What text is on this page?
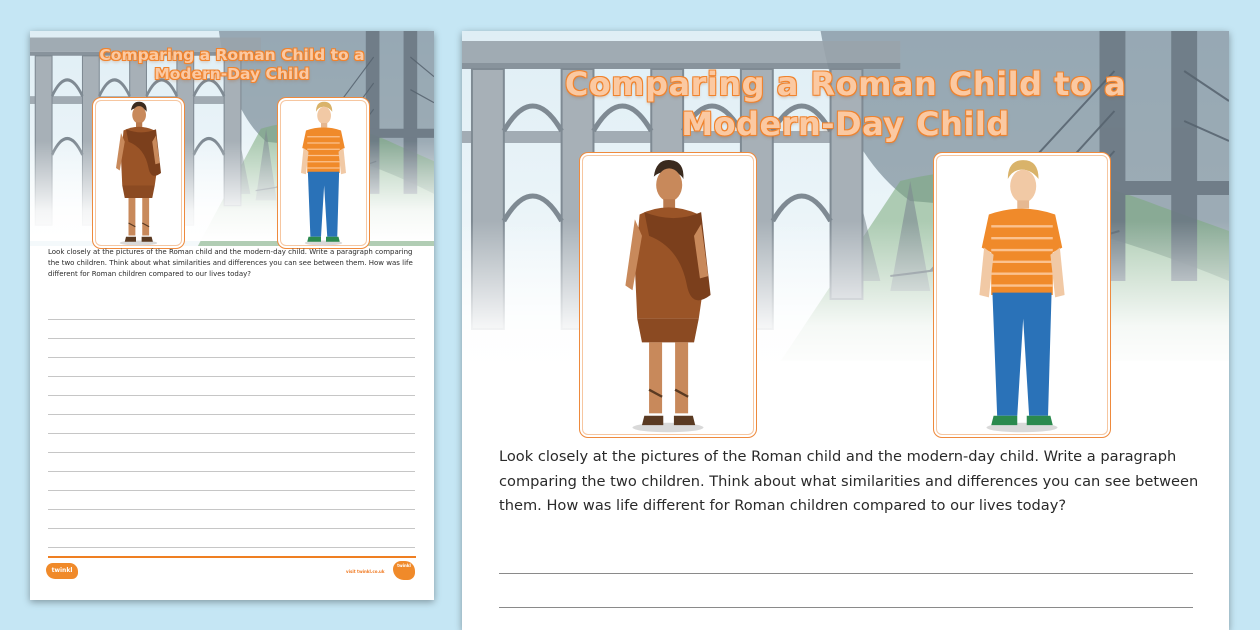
Comparing a Roman Child to a
Modern-Day Child

Look closely at the pictures of the Roman child and the modern-day child. Write a paragraph comparing the two children. Think about what similarities and differences you can see between them. How was life different for Roman children compared to our lives today?

twinkl	visit twinkl.co.uk
twinkl
Comparing a Roman Child to a
Modern-Day Child

Look closely at the pictures of the Roman child and the modern-day child. Write a paragraph comparing the two children. Think about what similarities and differences you can see between them. How was life different for Roman children compared to our lives today?
